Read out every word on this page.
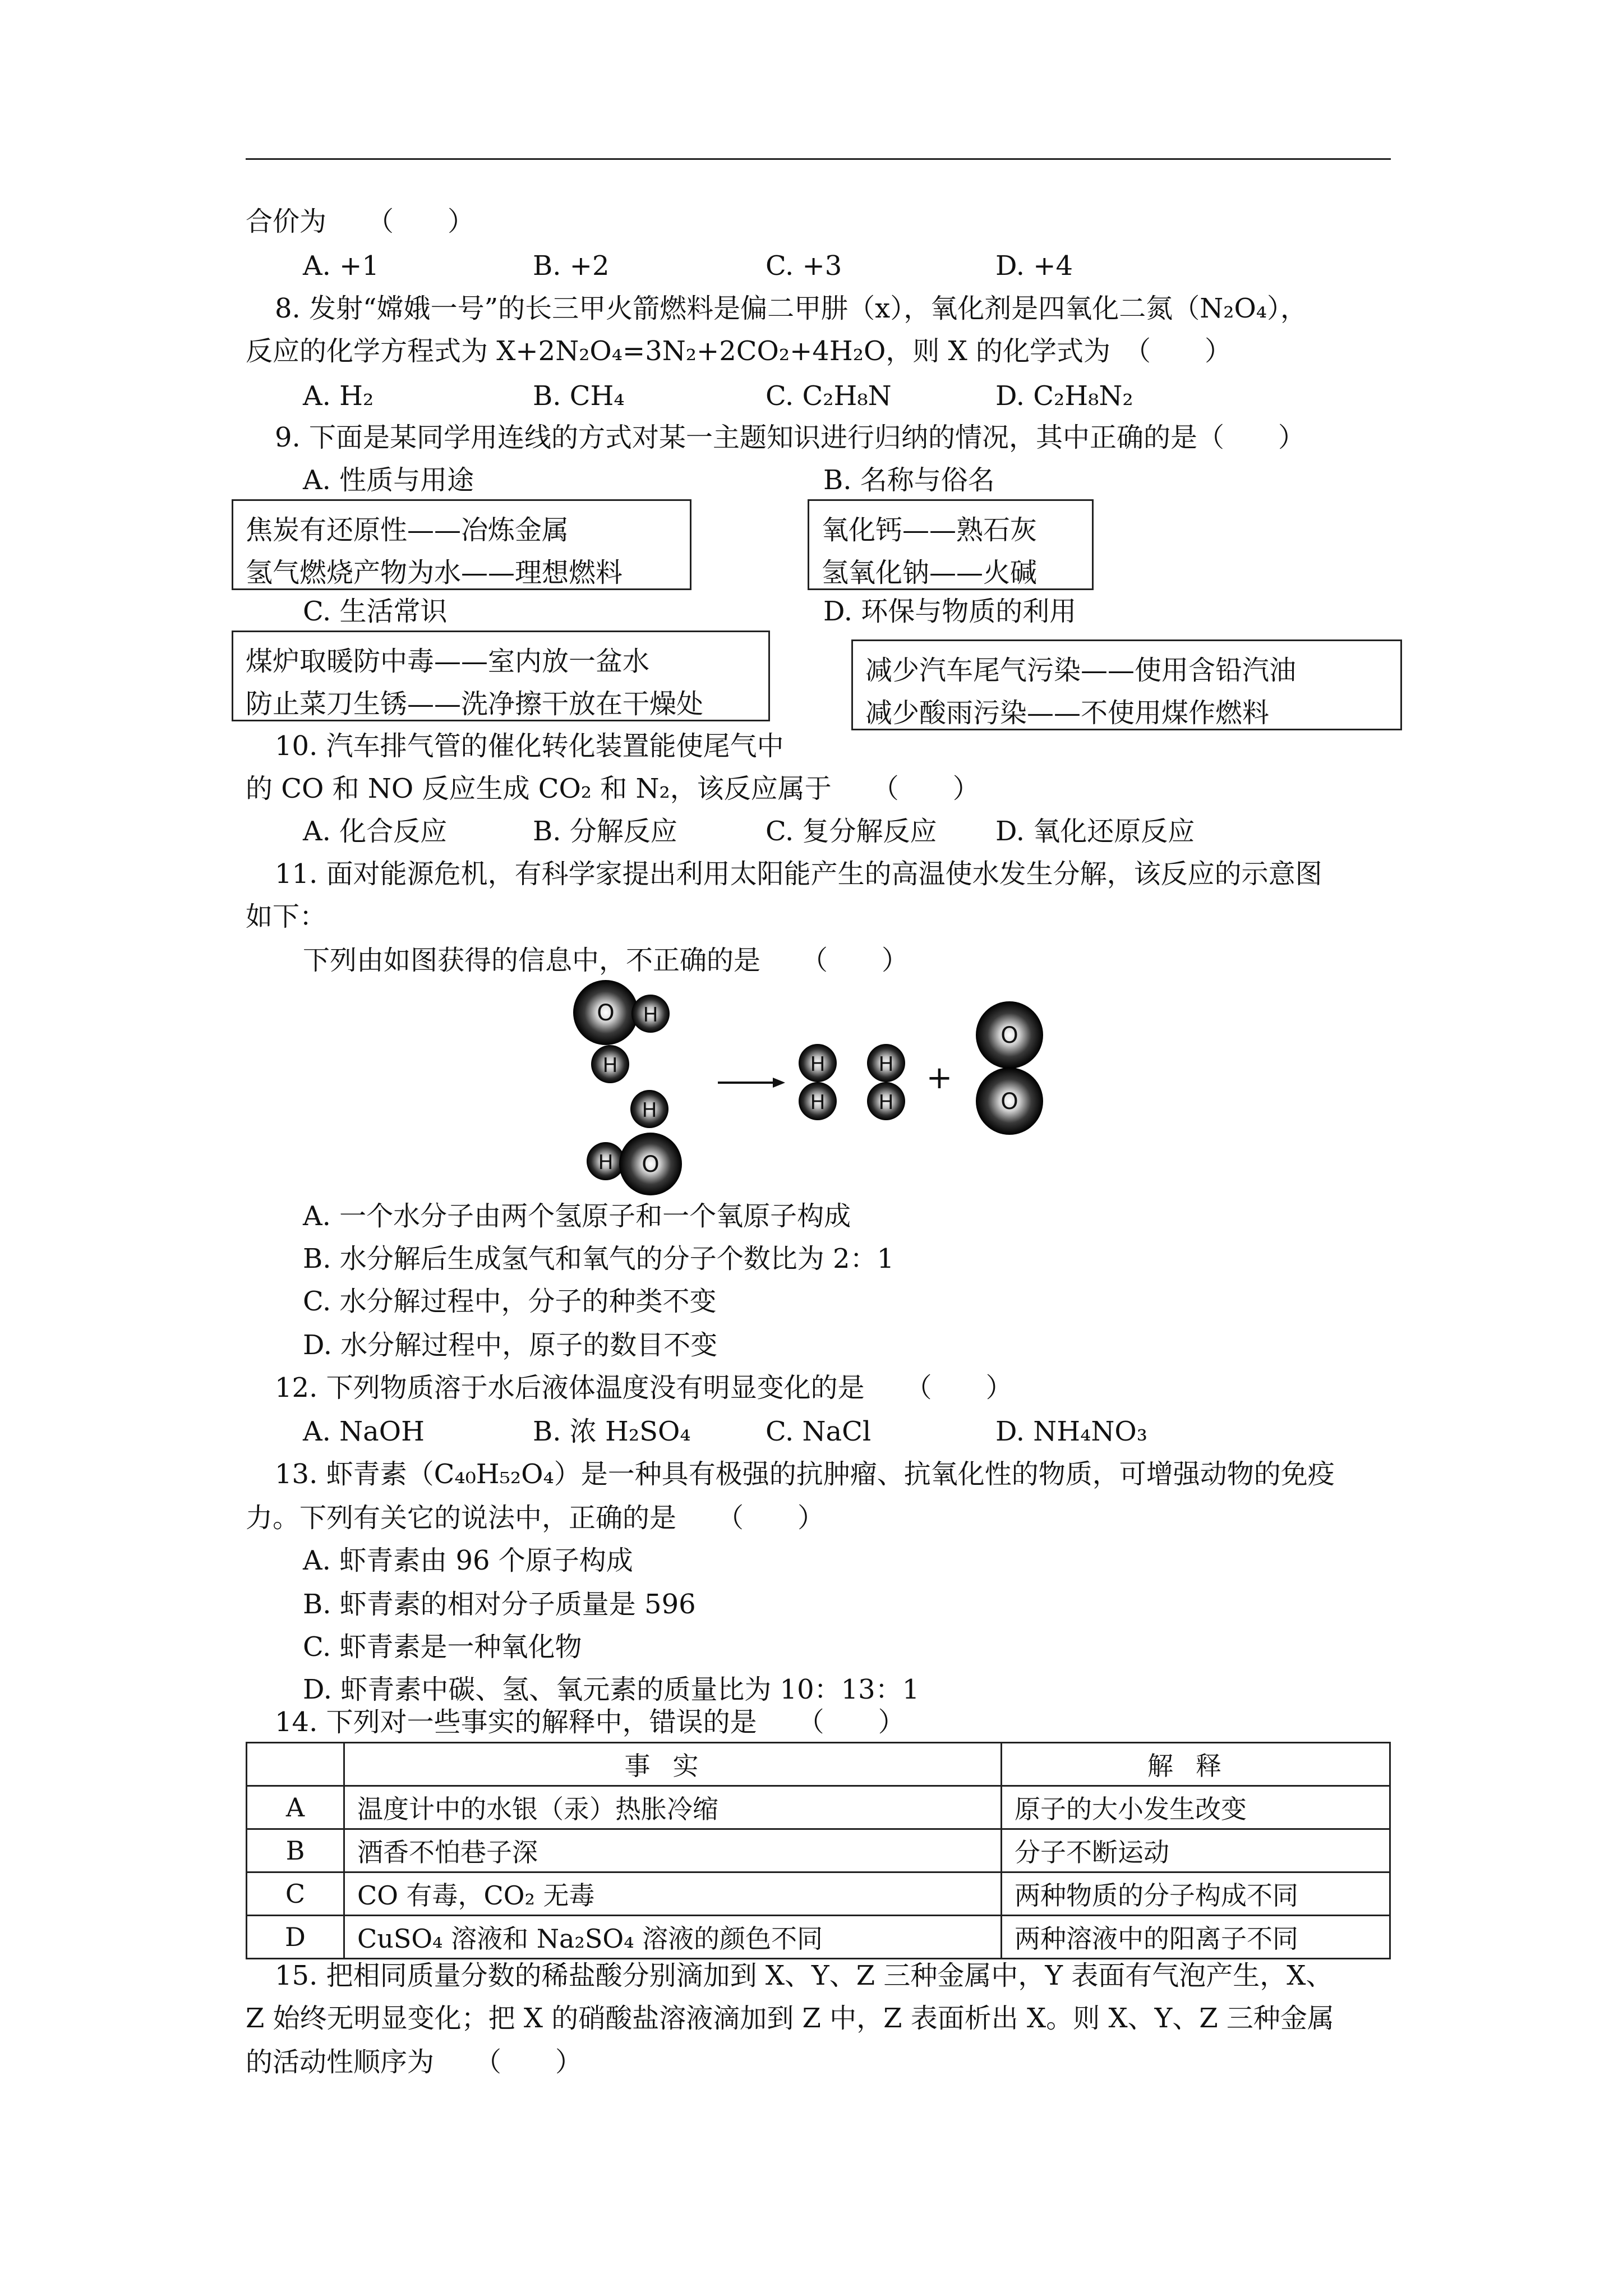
合价为　　（　　）
A. +1	B. +2	C. +3	D. +4
8. 发射“嫦娥一号”的长三甲火箭燃料是偏二甲肼（x），氧化剂是四氧化二氮（N₂O₄），
反应的化学方程式为 X+2N₂O₄=3N₂+2CO₂+4H₂O，则 X 的化学式为　（　　）
A. H₂	B. CH₄	C. C₂H₈N	D. C₂H₈N₂
9. 下面是某同学用连线的方式对某一主题知识进行归纳的情况，其中正确的是（　　）
A. 性质与用途	B. 名称与俗名
焦炭有还原性——冶炼金属
氢气燃烧产物为水——理想燃料
氧化钙——熟石灰
氢氧化钠——火碱
C. 生活常识	D. 环保与物质的利用
煤炉取暖防中毒——室内放一盆水
防止菜刀生锈——洗净擦干放在干燥处
减少汽车尾气污染——使用含铅汽油
减少酸雨污染——不使用煤作燃料
10. 汽车排气管的催化转化装置能使尾气中
的 CO 和 NO 反应生成 CO₂ 和 N₂，该反应属于　　（　　）
A. 化合反应	B. 分解反应	C. 复分解反应 D. 氧化还原反应
11. 面对能源危机，有科学家提出利用太阳能产生的高温使水发生分解，该反应的示意图
如下：
下列由如图获得的信息中，不正确的是　　（　　）
O H
H
H
H O
H
H
H
H
+
O
O
A. 一个水分子由两个氢原子和一个氧原子构成
B. 水分解后生成氢气和氧气的分子个数比为 2：1
C. 水分解过程中，分子的种类不变
D. 水分解过程中，原子的数目不变
12. 下列物质溶于水后液体温度没有明显变化的是　　（　　）
A. NaOH	B. 浓 H₂SO₄	C. NaCl	D. NH₄NO₃
13. 虾青素（C₄₀H₅₂O₄）是一种具有极强的抗肿瘤、抗氧化性的物质，可增强动物的免疫
力。下列有关它的说法中，正确的是　　（　　）
A. 虾青素由 96 个原子构成
B. 虾青素的相对分子质量是 596
C. 虾青素是一种氧化物
D. 虾青素中碳、氢、氧元素的质量比为 10：13：1
14. 下列对一些事实的解释中，错误的是　　（　　）
	事实	解释
A	温度计中的水银（汞）热胀冷缩	原子的大小发生改变
B	酒香不怕巷子深	分子不断运动
C	CO 有毒，CO₂ 无毒	两种物质的分子构成不同
D	CuSO₄ 溶液和 Na₂SO₄ 溶液的颜色不同	两种溶液中的阳离子不同
15. 把相同质量分数的稀盐酸分别滴加到 X、Y、Z 三种金属中，Y 表面有气泡产生，X、
Z 始终无明显变化；把 X 的硝酸盐溶液滴加到 Z 中，Z 表面析出 X。则 X、Y、Z 三种金属
的活动性顺序为　　（　　）
